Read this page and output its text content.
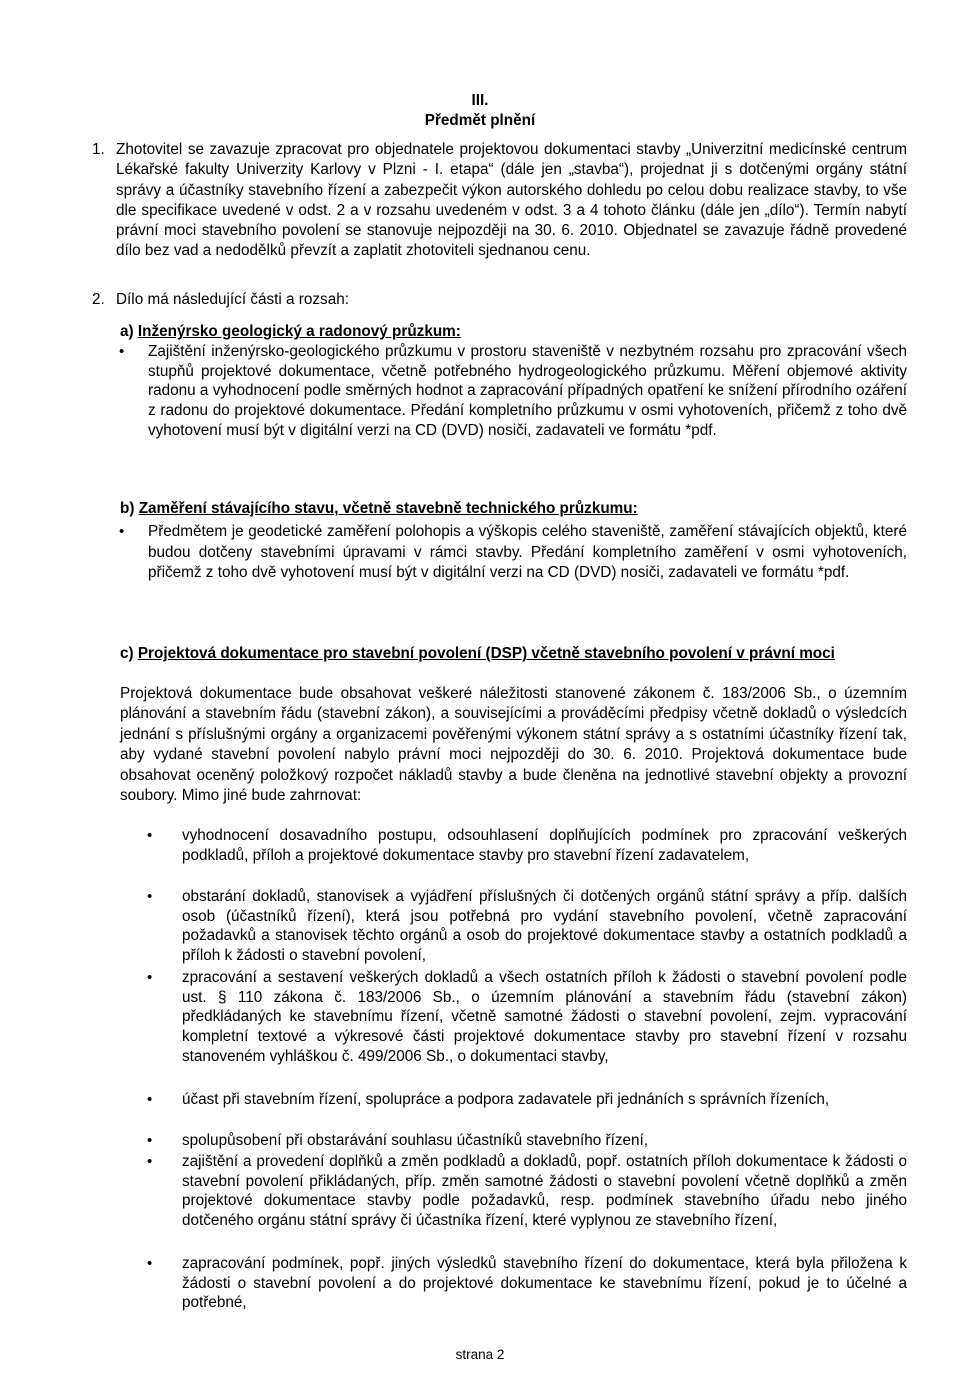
III.
Předmět plnění
1. Zhotovitel se zavazuje zpracovat pro objednatele projektovou dokumentaci stavby „Univerzitní medicínské centrum Lékařské fakulty Univerzity Karlovy v Plzni - I. etapa“ (dále jen „stavba“), projednat ji s dotčenými orgány státní správy a účastníky stavebního řízení a zabezpečit výkon autorského dohledu po celou dobu realizace stavby, to vše dle specifikace uvedené v odst. 2 a v rozsahu uvedeném v odst. 3 a 4 tohoto článku (dále jen „dílo“). Termín nabytí právní moci stavebního povolení se stanovuje nejpozději na 30. 6. 2010. Objednatel se zavazuje řádně provedené dílo bez vad a nedodělků převzít a zaplatit zhotoviteli sjednanou cenu.
2. Dílo má následující části a rozsah:
a) Inženýrsko geologický a radonový průzkum:
• Zajištění inženýrsko-geologického průzkumu v prostoru staveniště v nezbytném rozsahu pro zpracování všech stupňů projektové dokumentace, včetně potřebného hydrogeologického průzkumu. Měření objemové aktivity radonu a vyhodnocení podle směrných hodnot a zapracování případných opatření ke snížení přírodního ozáření z radonu do projektové dokumentace. Předání kompletního průzkumu v osmi vyhotoveních, přičemž z toho dvě vyhotovení musí být v digitální verzi na CD (DVD) nosiči, zadavateli ve formátu *pdf.
b) Zaměření stávajícího stavu, včetně stavebně technického průzkumu:
• Předmětem je geodetické zaměření polohopis a výškopis celého staveniště, zaměření stávajících objektů, které budou dotčeny stavebními úpravami v rámci stavby. Předání kompletního zaměření v osmi vyhotoveních, přičemž z toho dvě vyhotovení musí být v digitální verzi na CD (DVD) nosiči, zadavateli ve formátu *pdf.
c) Projektová dokumentace pro stavební povolení (DSP) včetně stavebního povolení v právní moci
Projektová dokumentace bude obsahovat veškeré náležitosti stanovené zákonem č. 183/2006 Sb., o územním plánování a stavebním řádu (stavební zákon), a souvisejícími a prováděcími předpisy včetně dokladů o výsledcích jednání s příslušnými orgány a organizacemi pověřenými výkonem státní správy a s ostatními účastníky řízení tak, aby vydané stavební povolení nabylo právní moci nejpozději do 30. 6. 2010. Projektová dokumentace bude obsahovat oceněný položkový rozpočet nákladů stavby a bude členěna na jednotlivé stavební objekty a provozní soubory. Mimo jiné bude zahrnovat:
• vyhodnocení dosavadního postupu, odsouhlasení doplňujících podmínek pro zpracování veškerých podkladů, příloh a projektové dokumentace stavby pro stavební řízení zadavatelem,
• obstarání dokladů, stanovisek a vyjádření příslušných či dotčených orgánů státní správy a příp. dalších osob (účastníků řízení), která jsou potřebná pro vydání stavebního povolení, včetně zapracování požadavků a stanovisek těchto orgánů a osob do projektové dokumentace stavby a ostatních podkladů a příloh k žádosti o stavební povolení,
• zpracování a sestavení veškerých dokladů a všech ostatních příloh k žádosti o stavební povolení podle ust. § 110 zákona č. 183/2006 Sb., o územním plánování a stavebním řádu (stavební zákon) předkládaných ke stavebnímu řízení, včetně samotné žádosti o stavební povolení, zejm. vypracování kompletní textové a výkresové části projektové dokumentace stavby pro stavební řízení v rozsahu stanoveném vyhláškou č. 499/2006 Sb., o dokumentaci stavby,
• účast při stavebním řízení, spolupráce a podpora zadavatele při jednáních s správních řízeních,
• spolupůsobení při obstarávání souhlasu účastníků stavebního řízení,
• zajištění a provedení doplňků a změn podkladů a dokladů, popř. ostatních příloh dokumentace k žádosti o stavební povolení přikládaných, příp. změn samotné žádosti o stavební povolení včetně doplňků a změn projektové dokumentace stavby podle požadavků, resp. podmínek stavebního úřadu nebo jiného dotčeného orgánu státní správy či účastníka řízení, které vyplynou ze stavebního řízení,
• zapracování podmínek, popř. jiných výsledků stavebního řízení do dokumentace, která byla přiložena k žádosti o stavební povolení a do projektové dokumentace ke stavebnímu řízení, pokud je to účelné a potřebné,
strana 2
